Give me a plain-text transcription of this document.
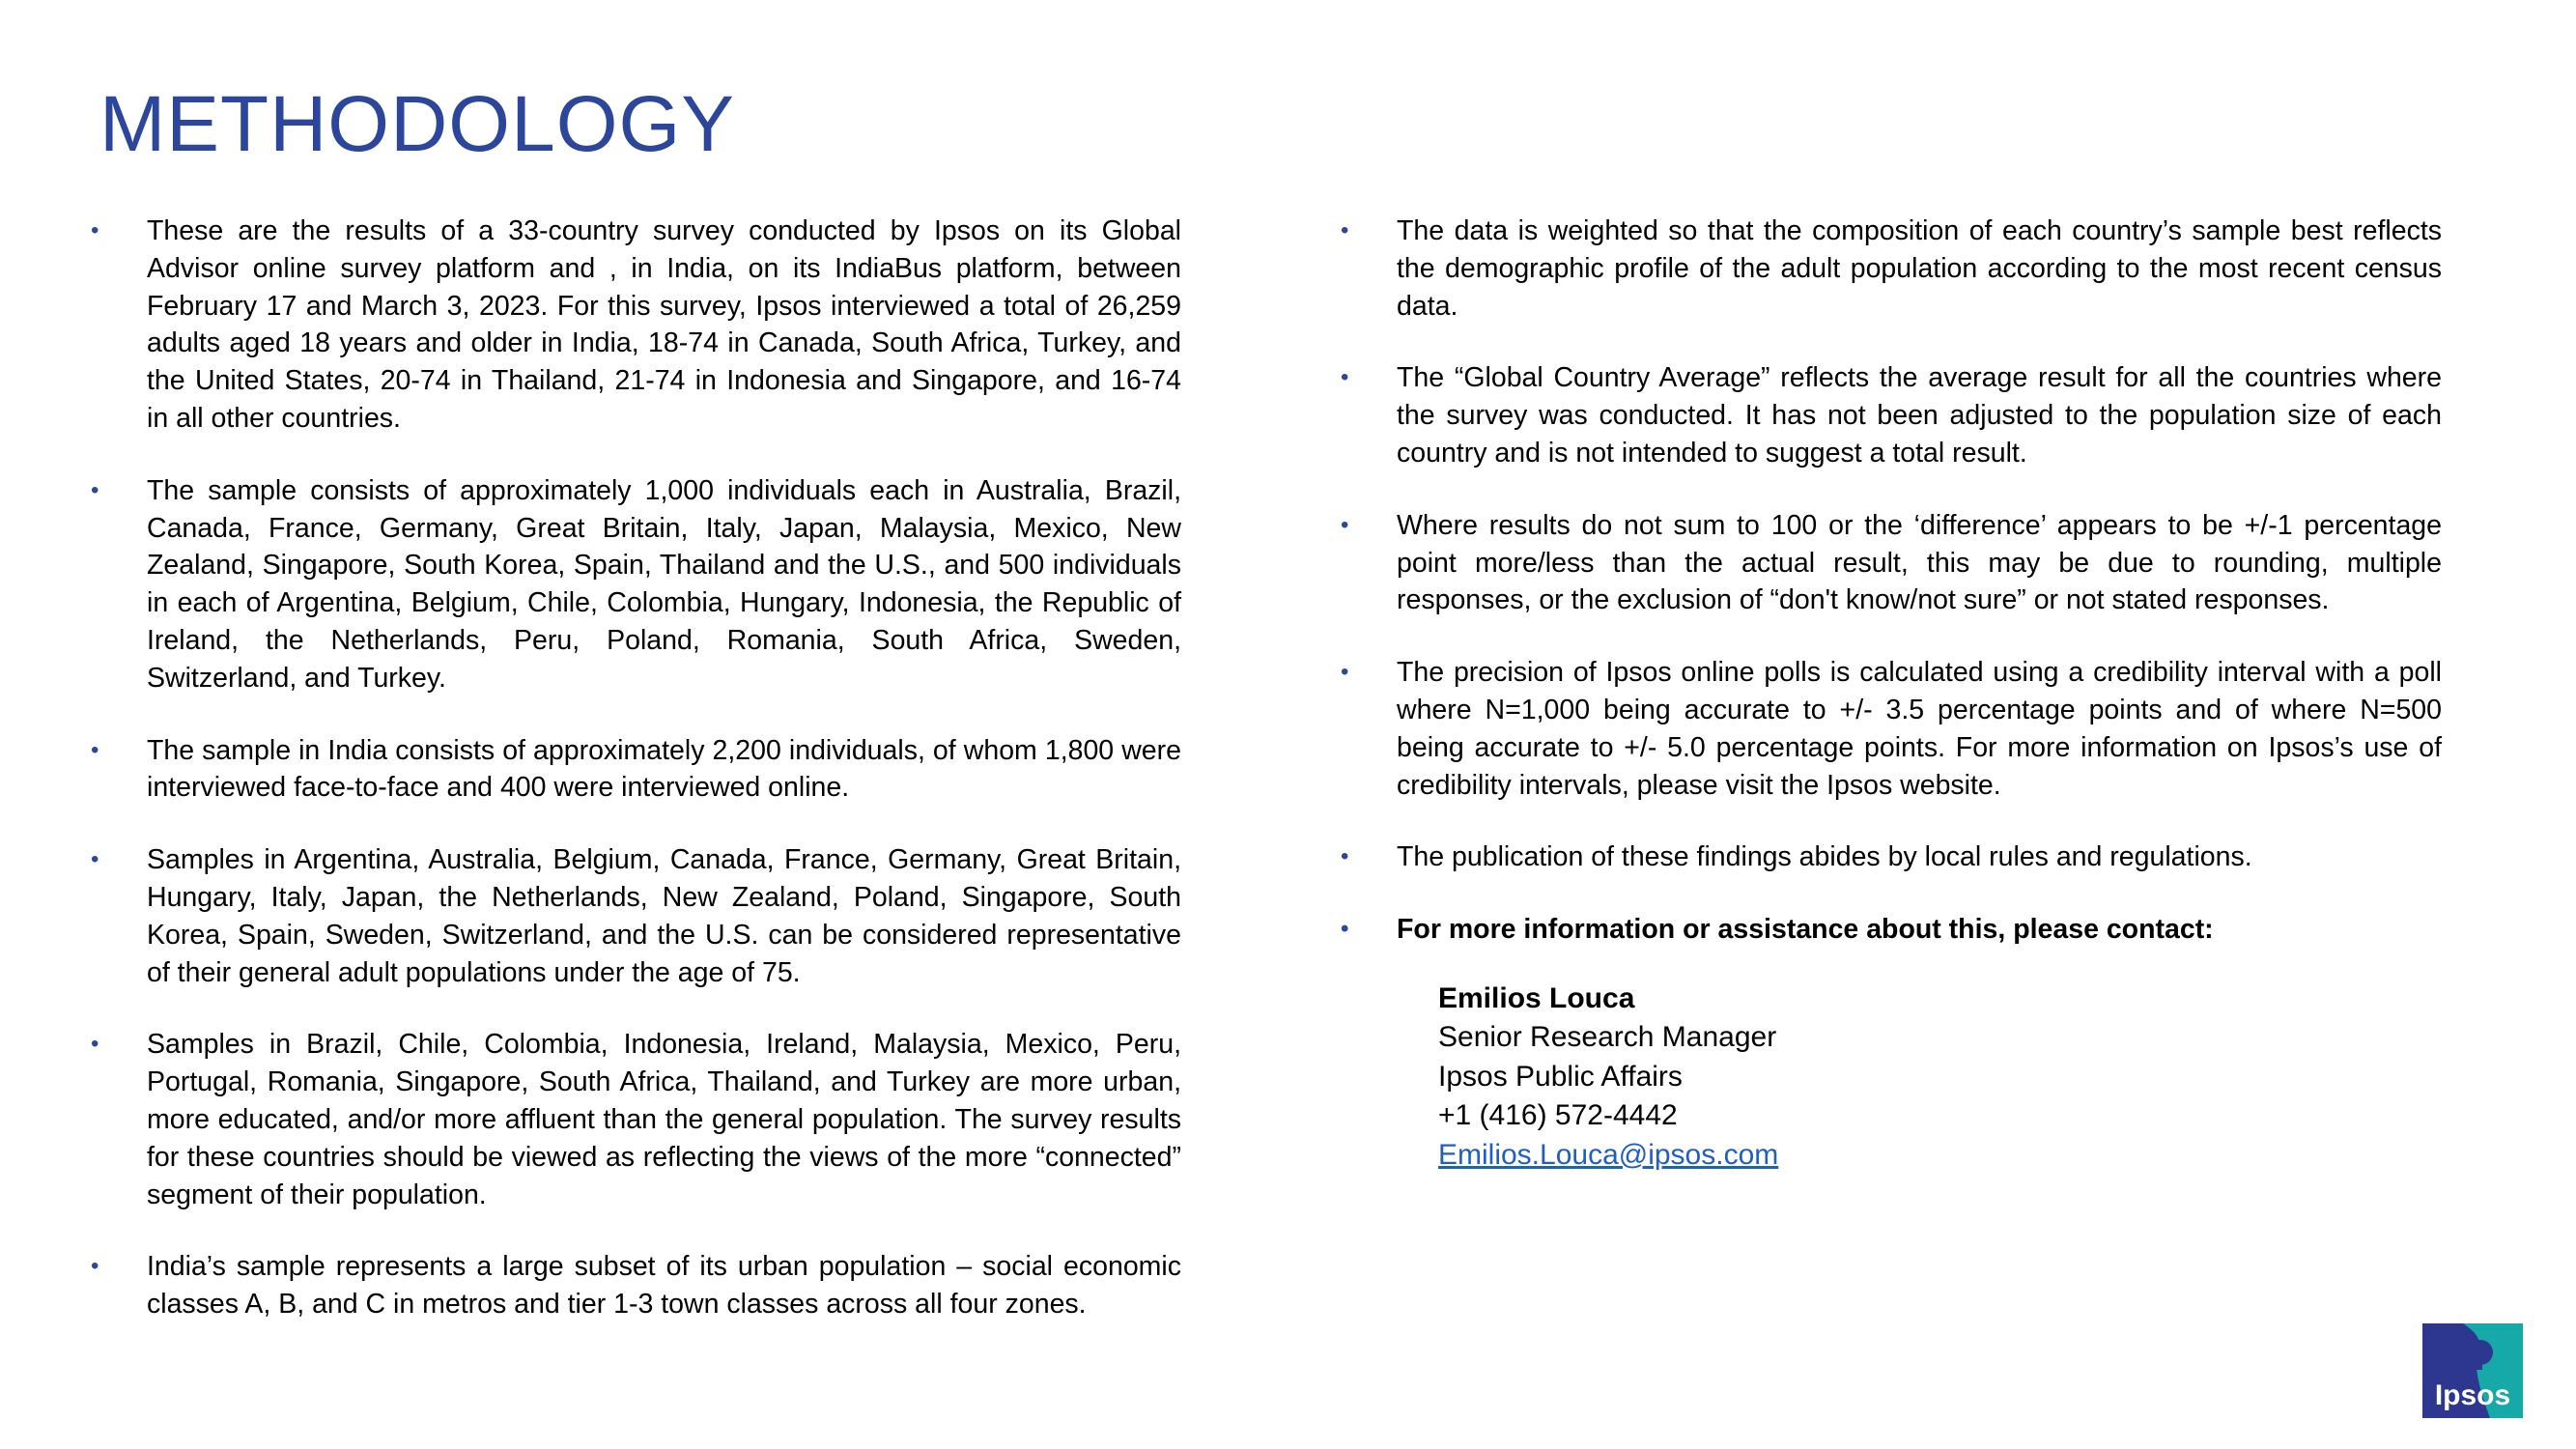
METHODOLOGY
• These are the results of a 33-country survey conducted by Ipsos on its Global Advisor online survey platform and , in India, on its IndiaBus platform, between February 17 and March 3, 2023. For this survey, Ipsos interviewed a total of 26,259 adults aged 18 years and older in India, 18-74 in Canada, South Africa, Turkey, and the United States, 20-74 in Thailand, 21-74 in Indonesia and Singapore, and 16-74 in all other countries.
• The sample consists of approximately 1,000 individuals each in Australia, Brazil, Canada, France, Germany, Great Britain, Italy, Japan, Malaysia, Mexico, New Zealand, Singapore, South Korea, Spain, Thailand and the U.S., and 500 individuals in each of Argentina, Belgium, Chile, Colombia, Hungary, Indonesia, the Republic of Ireland, the Netherlands, Peru, Poland, Romania, South Africa, Sweden, Switzerland, and Turkey.
• The sample in India consists of approximately 2,200 individuals, of whom 1,800 were interviewed face-to-face and 400 were interviewed online.
• Samples in Argentina, Australia, Belgium, Canada, France, Germany, Great Britain, Hungary, Italy, Japan, the Netherlands, New Zealand, Poland, Singapore, South Korea, Spain, Sweden, Switzerland, and the U.S. can be considered representative of their general adult populations under the age of 75.
• Samples in Brazil, Chile, Colombia, Indonesia, Ireland, Malaysia, Mexico, Peru, Portugal, Romania, Singapore, South Africa, Thailand, and Turkey are more urban, more educated, and/or more affluent than the general population. The survey results for these countries should be viewed as reflecting the views of the more “connected” segment of their population.
• India’s sample represents a large subset of its urban population – social economic classes A, B, and C in metros and tier 1-3 town classes across all four zones.
• The data is weighted so that the composition of each country’s sample best reflects the demographic profile of the adult population according to the most recent census data.
• The “Global Country Average” reflects the average result for all the countries where the survey was conducted. It has not been adjusted to the population size of each country and is not intended to suggest a total result.
• Where results do not sum to 100 or the ‘difference’ appears to be +/-1 percentage point more/less than the actual result, this may be due to rounding, multiple responses, or the exclusion of “don't know/not sure” or not stated responses.
• The precision of Ipsos online polls is calculated using a credibility interval with a poll where N=1,000 being accurate to +/- 3.5 percentage points and of where N=500 being accurate to +/- 5.0 percentage points. For more information on Ipsos’s use of credibility intervals, please visit the Ipsos website.
• The publication of these findings abides by local rules and regulations.
• For more information or assistance about this, please contact:
Emilios Louca
Senior Research Manager
Ipsos Public Affairs
+1 (416) 572-4442
Emilios.Louca@ipsos.com
Ipsos
